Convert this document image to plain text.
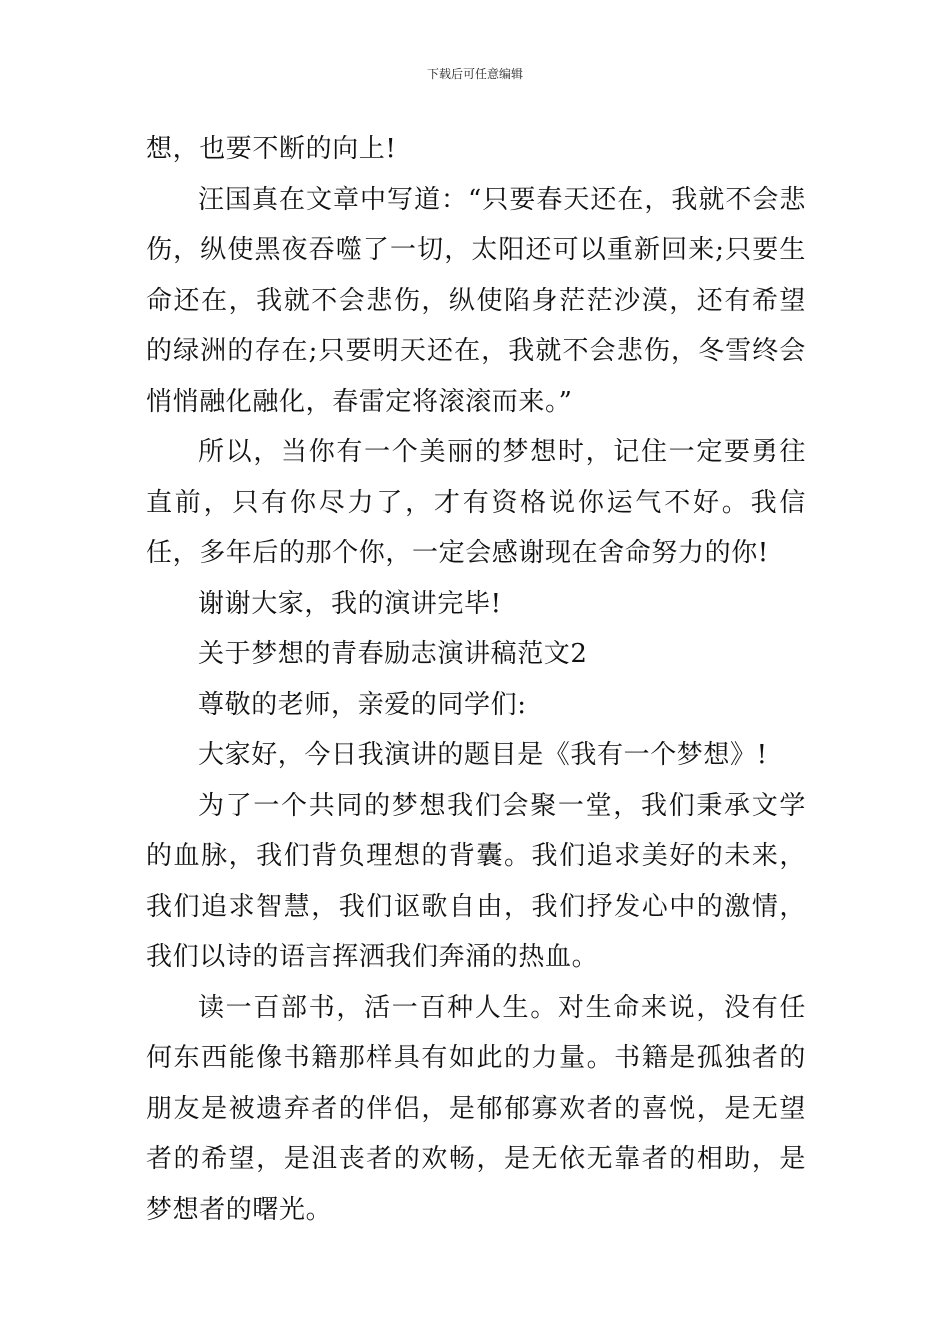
下载后可任意编辑

想，也要不断的向上!

汪国真在文章中写道：“只要春天还在，我就不会悲伤，纵使黑夜吞噬了一切，太阳还可以重新回来;只要生命还在，我就不会悲伤，纵使陷身茫茫沙漠，还有希望的绿洲的存在;只要明天还在，我就不会悲伤，冬雪终会悄悄融化融化，春雷定将滚滚而来。”

所以，当你有一个美丽的梦想时，记住一定要勇往直前，只有你尽力了，才有资格说你运气不好。我信任，多年后的那个你，一定会感谢现在舍命努力的你!

谢谢大家，我的演讲完毕!

关于梦想的青春励志演讲稿范文2

尊敬的老师，亲爱的同学们:

大家好，今日我演讲的题目是《我有一个梦想》!

为了一个共同的梦想我们会聚一堂，我们秉承文学的血脉，我们背负理想的背囊。我们追求美好的未来，我们追求智慧，我们讴歌自由，我们抒发心中的激情，我们以诗的语言挥洒我们奔涌的热血。

读一百部书，活一百种人生。对生命来说，没有任何东西能像书籍那样具有如此的力量。书籍是孤独者的朋友是被遗弃者的伴侣，是郁郁寡欢者的喜悦，是无望者的希望，是沮丧者的欢畅，是无依无靠者的相助，是梦想者的曙光。
